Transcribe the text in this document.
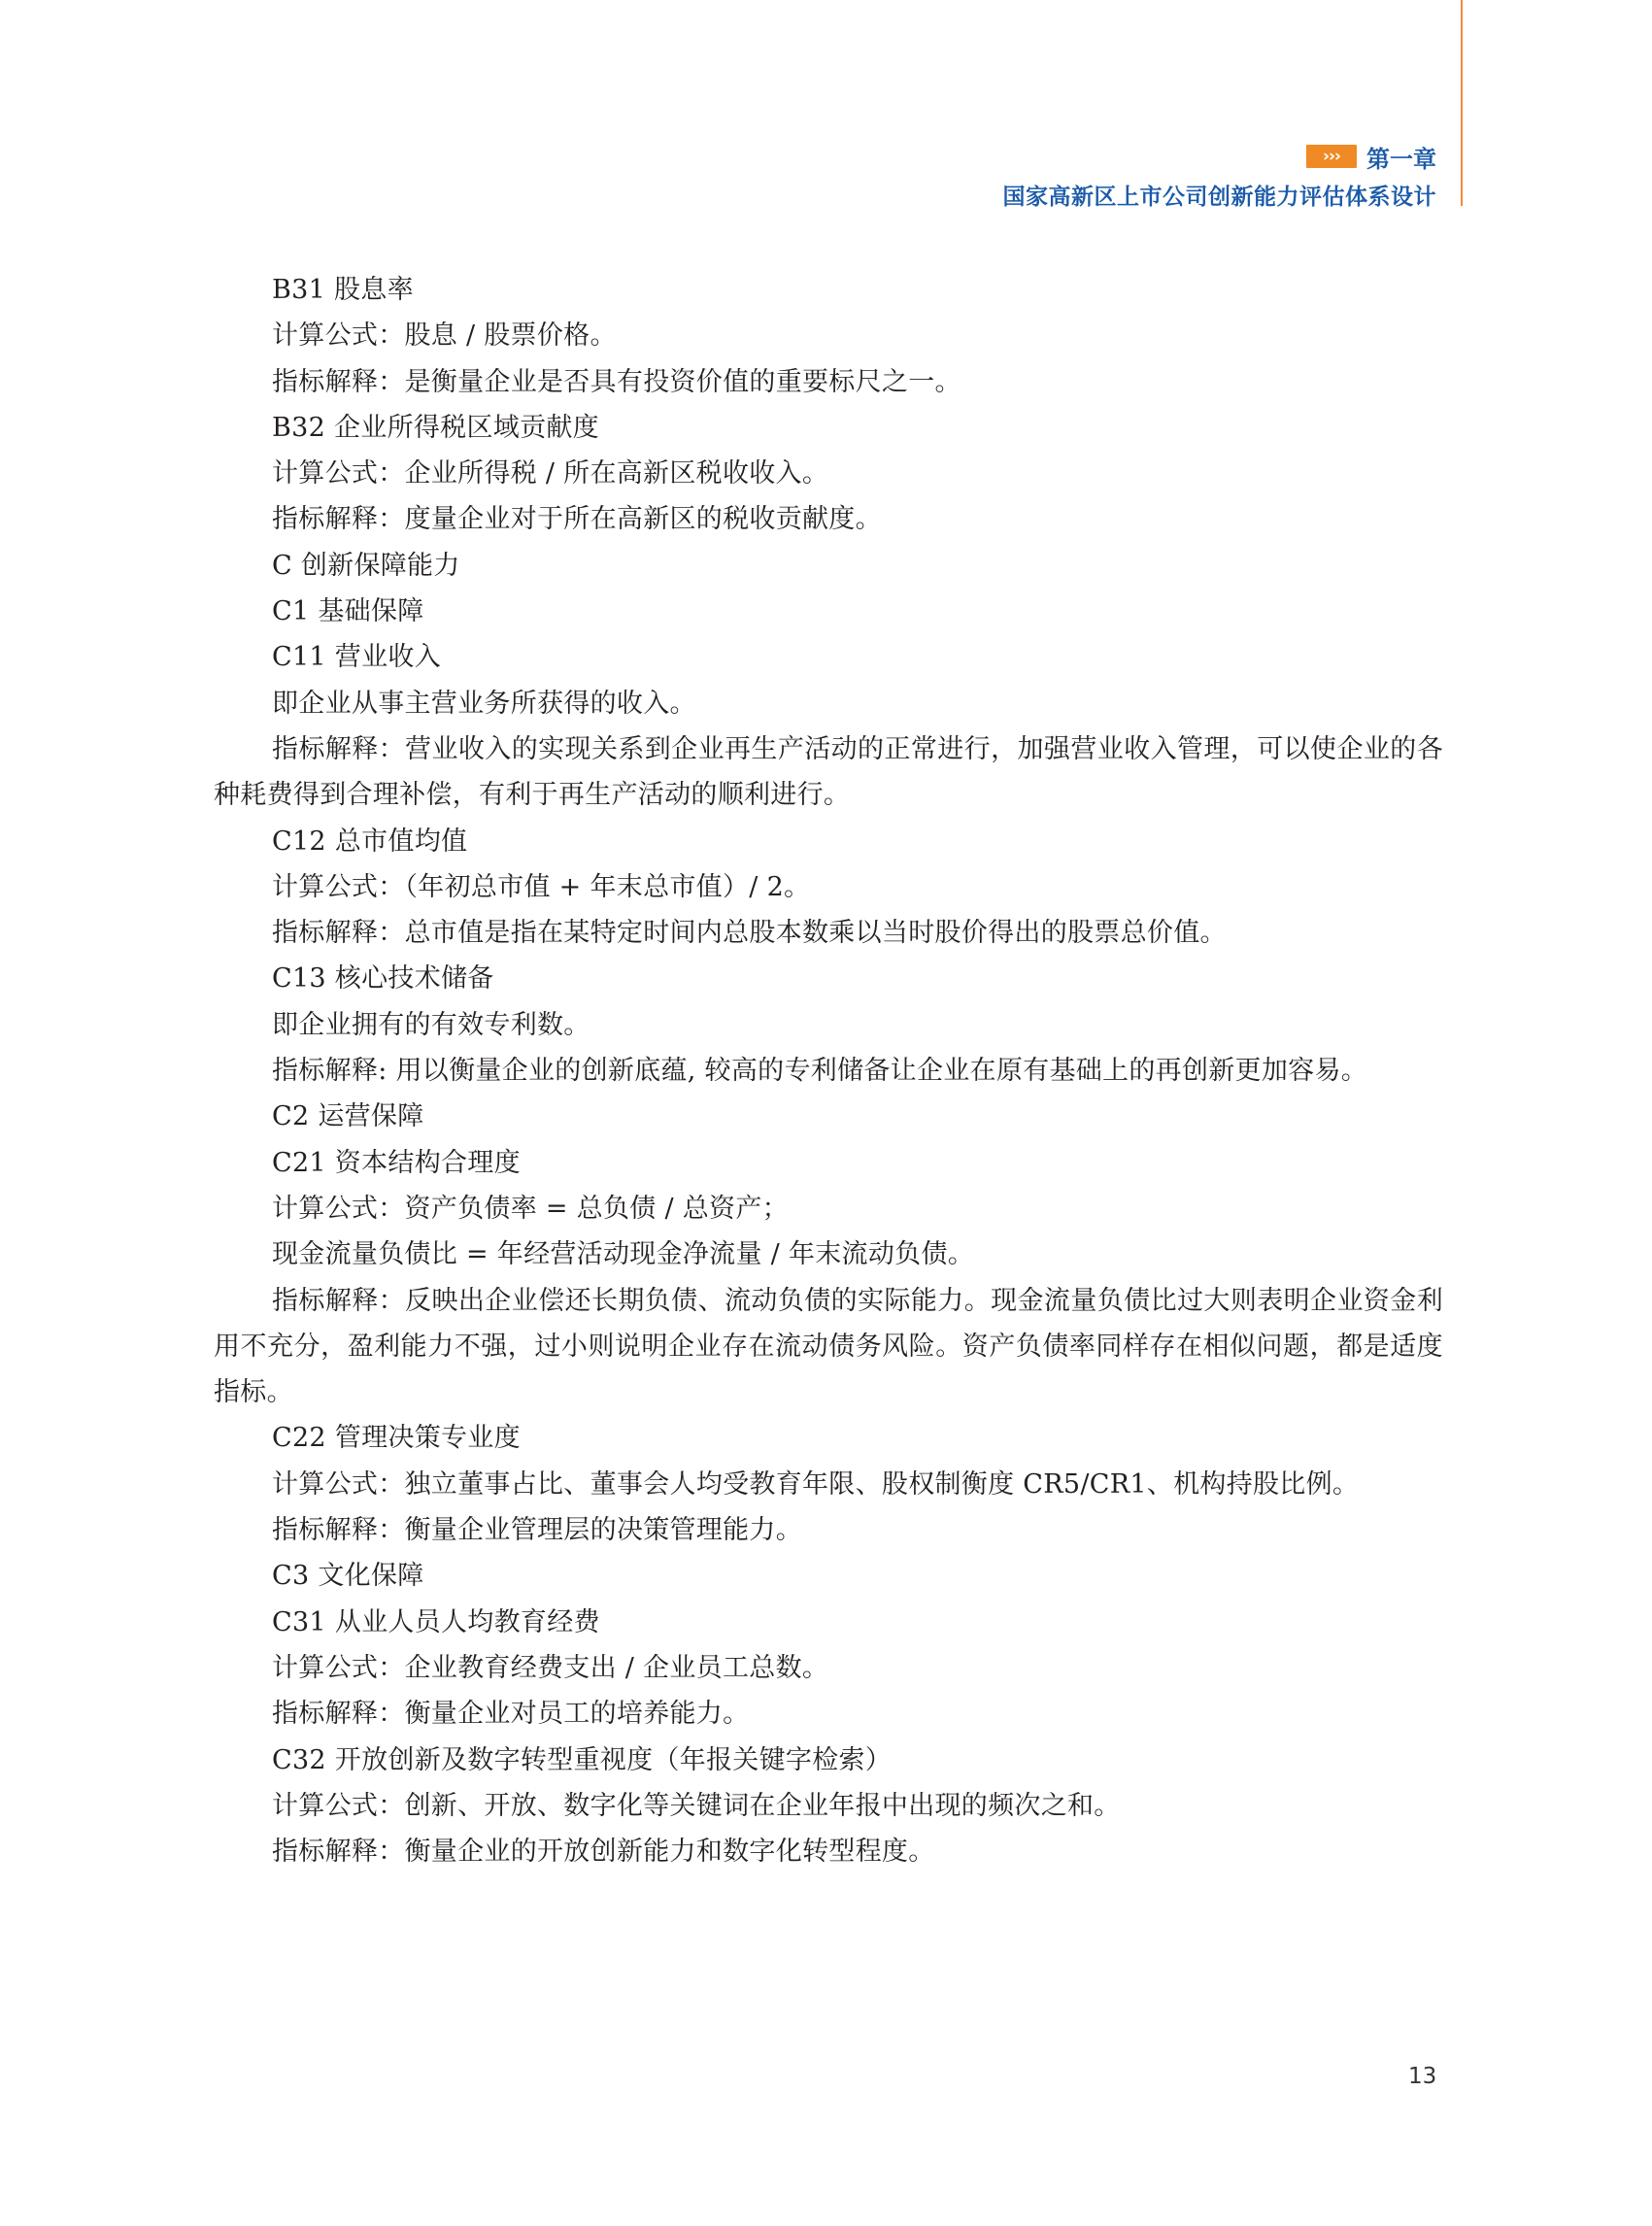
›››	第一章
国家高新区上市公司创新能力评估体系设计

B31 股息率

计算公式：股息 / 股票价格。

指标解释：是衡量企业是否具有投资价值的重要标尺之一。

B32 企业所得税区域贡献度

计算公式：企业所得税 / 所在高新区税收收入。

指标解释：度量企业对于所在高新区的税收贡献度。

C 创新保障能力

C1 基础保障

C11 营业收入

即企业从事主营业务所获得的收入。

指标解释：营业收入的实现关系到企业再生产活动的正常进行，加强营业收入管理，可以使企业的各种耗费得到合理补偿，有利于再生产活动的顺利进行。

C12 总市值均值

计算公式：（年初总市值 + 年末总市值）/ 2。

指标解释：总市值是指在某特定时间内总股本数乘以当时股价得出的股票总价值。

C13 核心技术储备

即企业拥有的有效专利数。

指标解释: 用以衡量企业的创新底蕴, 较高的专利储备让企业在原有基础上的再创新更加容易。

C2 运营保障

C21 资本结构合理度

计算公式：资产负债率 = 总负债 / 总资产；

现金流量负债比 = 年经营活动现金净流量 / 年末流动负债。

指标解释：反映出企业偿还长期负债、流动负债的实际能力。现金流量负债比过大则表明企业资金利用不充分，盈利能力不强，过小则说明企业存在流动债务风险。资产负债率同样存在相似问题，都是适度指标。

C22 管理决策专业度

计算公式：独立董事占比、董事会人均受教育年限、股权制衡度 CR5/CR1、机构持股比例。

指标解释：衡量企业管理层的决策管理能力。

C3 文化保障

C31 从业人员人均教育经费

计算公式：企业教育经费支出 / 企业员工总数。

指标解释：衡量企业对员工的培养能力。

C32 开放创新及数字转型重视度（年报关键字检索）

计算公式：创新、开放、数字化等关键词在企业年报中出现的频次之和。

指标解释：衡量企业的开放创新能力和数字化转型程度。

13
